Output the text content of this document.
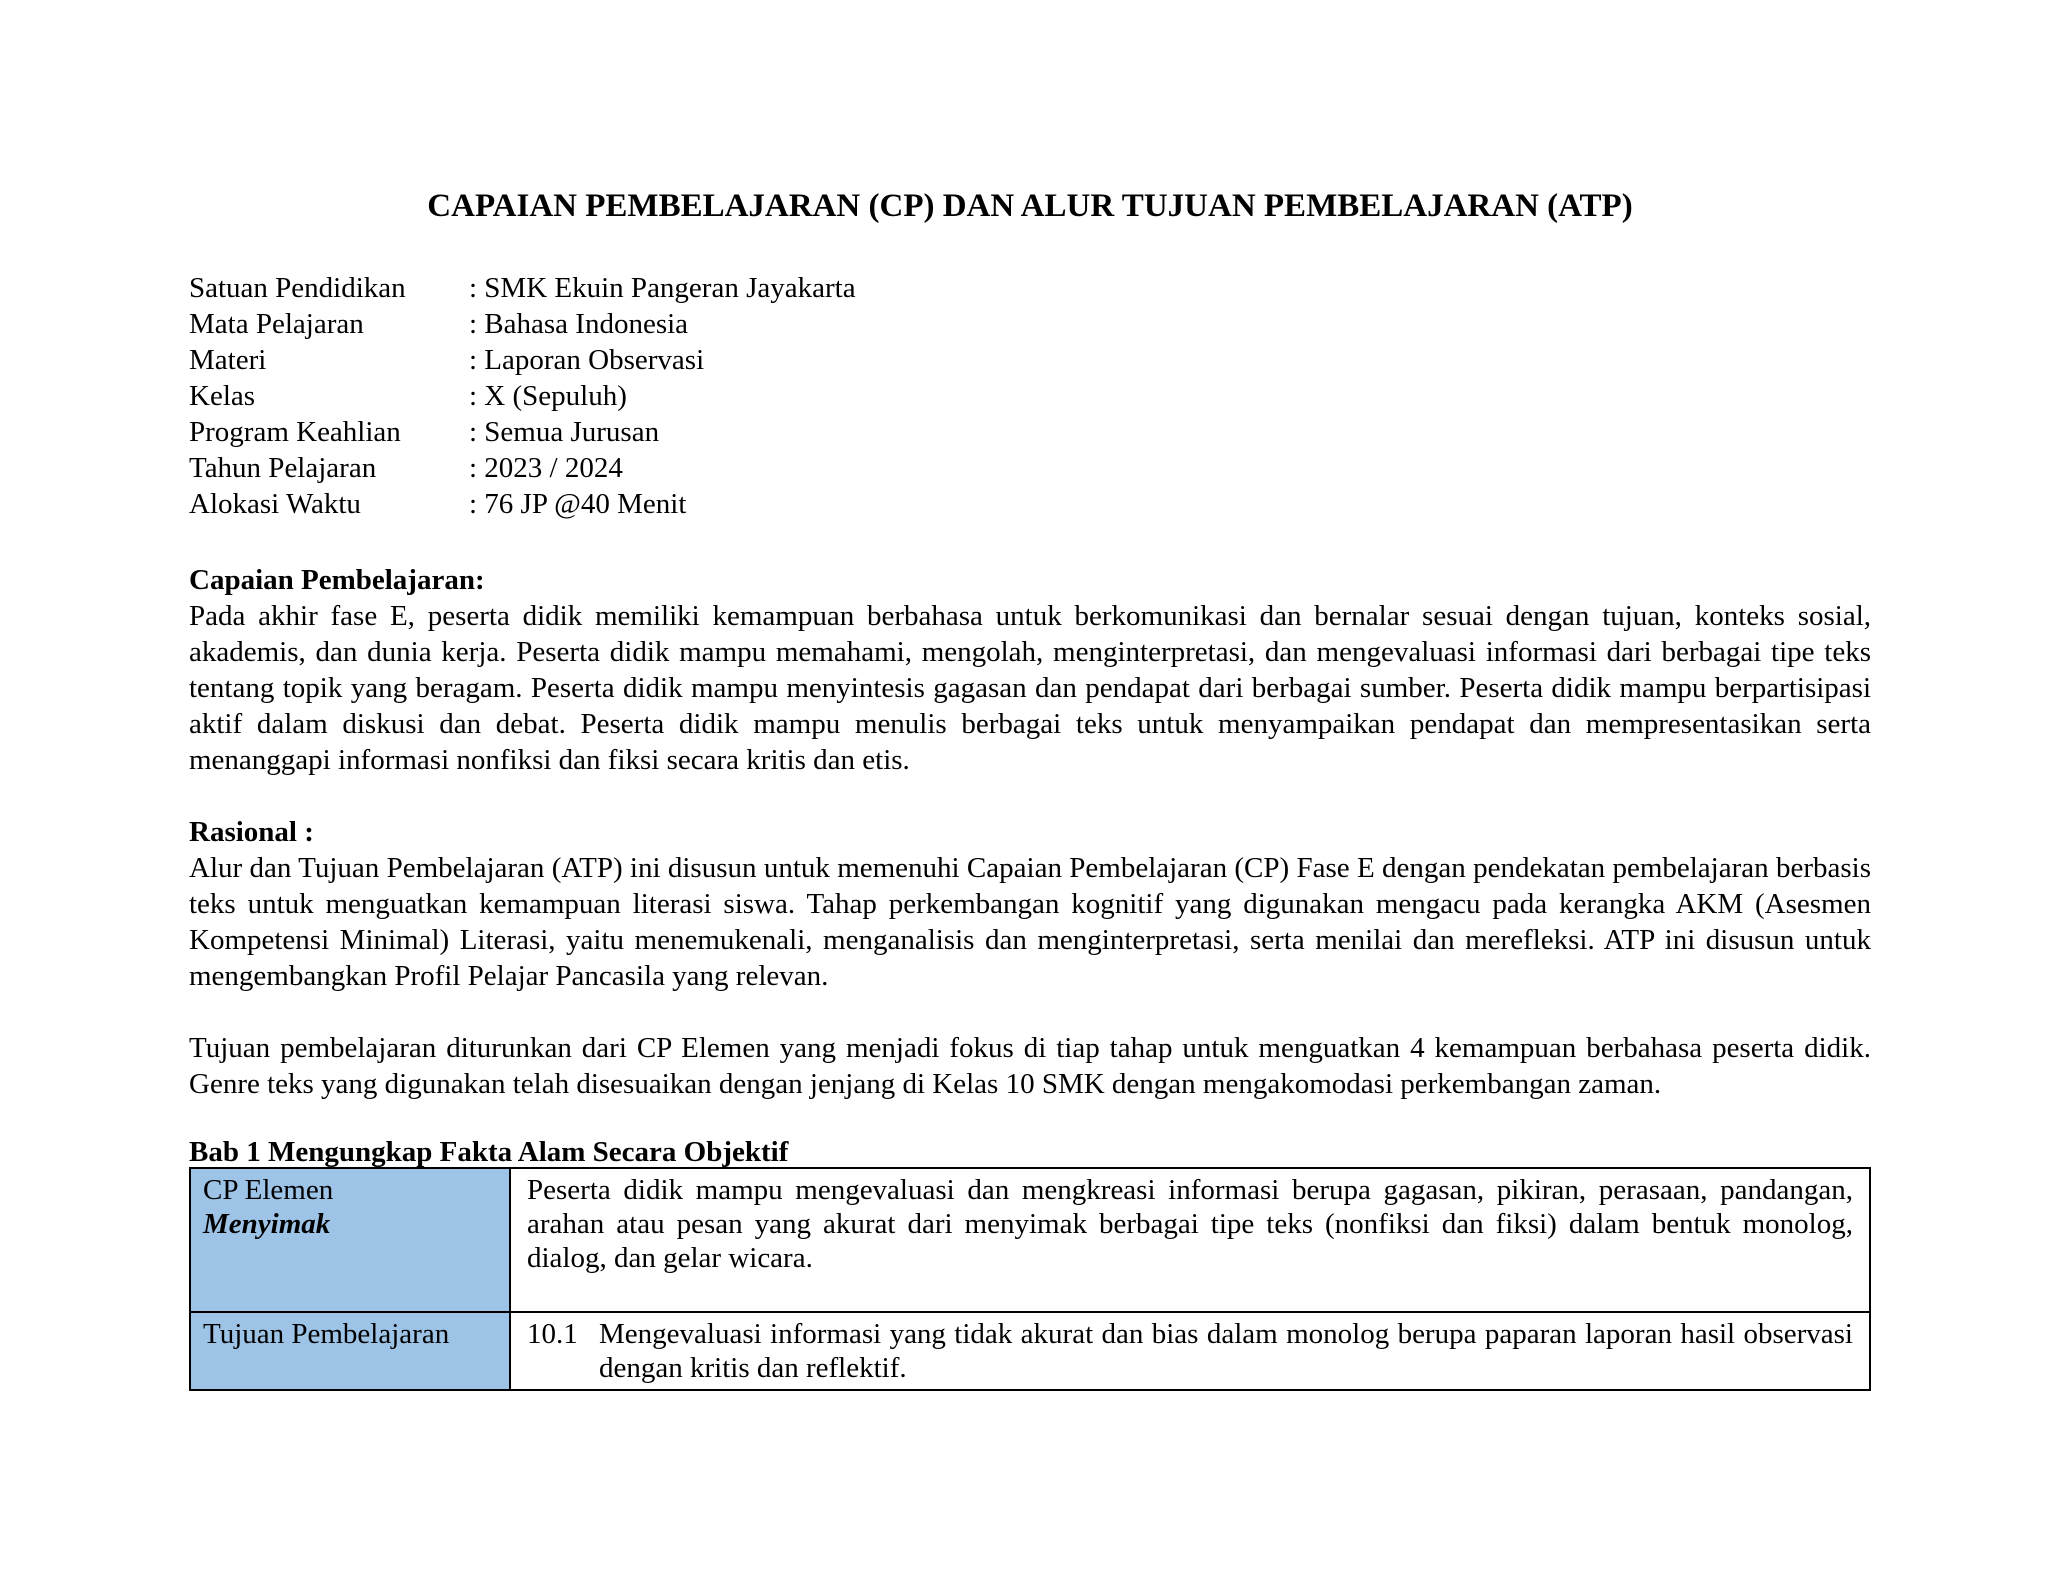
CAPAIAN PEMBELAJARAN (CP) DAN ALUR TUJUAN PEMBELAJARAN (ATP)
Satuan Pendidikan	: SMK Ekuin Pangeran Jayakarta
Mata Pelajaran	: Bahasa Indonesia
Materi	: Laporan Observasi
Kelas	: X (Sepuluh)
Program Keahlian	: Semua Jurusan
Tahun Pelajaran	: 2023 / 2024
Alokasi Waktu	: 76 JP @40 Menit
Capaian Pembelajaran:

Pada akhir fase E, peserta didik memiliki kemampuan berbahasa untuk berkomunikasi dan bernalar sesuai dengan tujuan, konteks sosial, akademis, dan dunia kerja. Peserta didik mampu memahami, mengolah, menginterpretasi, dan mengevaluasi informasi dari berbagai tipe teks tentang topik yang beragam. Peserta didik mampu menyintesis gagasan dan pendapat dari berbagai sumber. Peserta didik mampu berpartisipasi aktif dalam diskusi dan debat. Peserta didik mampu menulis berbagai teks untuk menyampaikan pendapat dan mempresentasikan serta menanggapi informasi nonfiksi dan fiksi secara kritis dan etis.

Rasional :

Alur dan Tujuan Pembelajaran (ATP) ini disusun untuk memenuhi Capaian Pembelajaran (CP) Fase E dengan pendekatan pembelajaran berbasis teks untuk menguatkan kemampuan literasi siswa. Tahap perkembangan kognitif yang digunakan mengacu pada kerangka AKM (Asesmen Kompetensi Minimal) Literasi, yaitu menemukenali, menganalisis dan menginterpretasi, serta menilai dan merefleksi. ATP ini disusun untuk mengembangkan Profil Pelajar Pancasila yang relevan.

Tujuan pembelajaran diturunkan dari CP Elemen yang menjadi fokus di tiap tahap untuk menguatkan 4 kemampuan berbahasa peserta didik. Genre teks yang digunakan telah disesuaikan dengan jenjang di Kelas 10 SMK dengan mengakomodasi perkembangan zaman.

Bab 1 Mengungkap Fakta Alam Secara Objektif
CP Elemen
Menyimak	Peserta didik mampu mengevaluasi dan mengkreasi informasi berupa gagasan, pikiran, perasaan, pandangan, arahan atau pesan yang akurat dari menyimak berbagai tipe teks (nonfiksi dan fiksi) dalam bentuk monolog, dialog, dan gelar wicara.
Tujuan Pembelajaran	10.1 Mengevaluasi informasi yang tidak akurat dan bias dalam monolog berupa paparan laporan hasil observasi dengan kritis dan reflektif.
